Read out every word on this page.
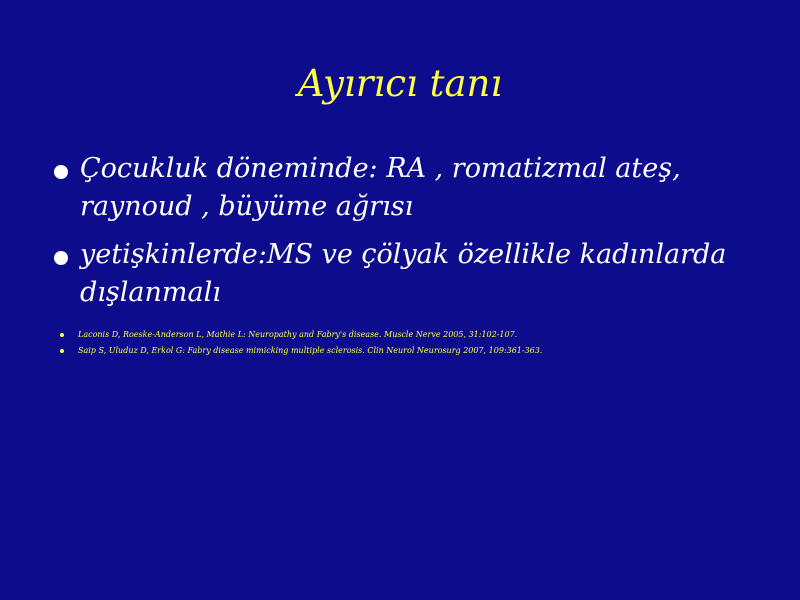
Ayırıcı tanı
Çocukluk döneminde: RA , romatizmal ateş, raynoud , büyüme ağrısı
yetişkinlerde:MS ve çölyak özellikle kadınlarda dışlanmalı
Laconis D, Roeske-Anderson L, Mathie L: Neuropathy and Fabry's disease. Muscle Nerve 2005, 31:102-107.
Saip S, Uluduz D, Erkol G: Fabry disease mimicking multiple sclerosis. Clin Neurol Neurosurg 2007, 109:361-363.
